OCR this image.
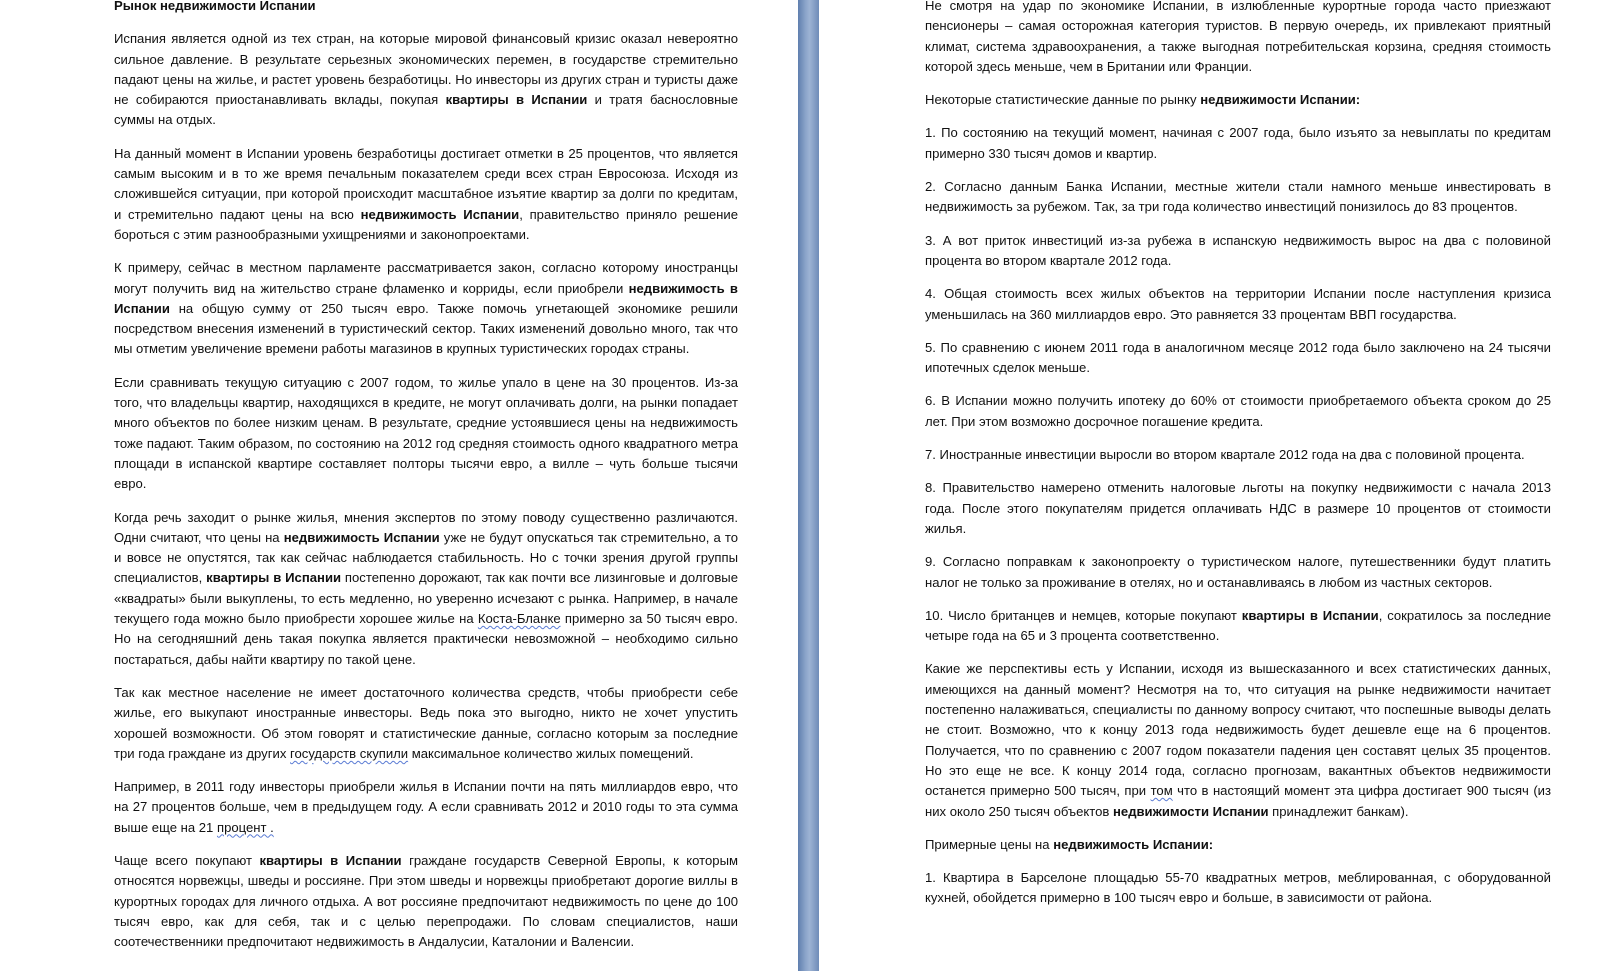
Рынок недвижимости Испании

Испания является одной из тех стран, на которые мировой финансовый кризис оказал невероятно сильное давление. В результате серьезных экономических перемен, в государстве стремительно падают цены на жилье, и растет уровень безработицы. Но инвесторы из других стран и туристы даже не собираются приостанавливать вклады, покупая квартиры в Испании и тратя баснословные суммы на отдых.

На данный момент в Испании уровень безработицы достигает отметки в 25 процентов, что является самым высоким и в то же время печальным показателем среди всех стран Евросоюза. Исходя из сложившейся ситуации, при которой происходит масштабное изъятие квартир за долги по кредитам, и стремительно падают цены на всю недвижимость Испании, правительство приняло решение бороться с этим разнообразными ухищрениями и законопроектами.

К примеру, сейчас в местном парламенте рассматривается закон, согласно которому иностранцы могут получить вид на жительство стране фламенко и корриды, если приобрели недвижимость в Испании на общую сумму от 250 тысяч евро. Также помочь угнетающей экономике решили посредством внесения изменений в туристический сектор. Таких изменений довольно много, так что мы отметим увеличение времени работы магазинов в крупных туристических городах страны.

Если сравнивать текущую ситуацию с 2007 годом, то жилье упало в цене на 30 процентов. Из-за того, что владельцы квартир, находящихся в кредите, не могут оплачивать долги, на рынки попадает много объектов по более низким ценам. В результате, средние устоявшиеся цены на недвижимость тоже падают. Таким образом, по состоянию на 2012 год средняя стоимость одного квадратного метра площади в испанской квартире составляет полторы тысячи евро, а вилле – чуть больше тысячи евро.

Когда речь заходит о рынке жилья, мнения экспертов по этому поводу существенно различаются. Одни считают, что цены на недвижимость Испании уже не будут опускаться так стремительно, а то и вовсе не опустятся, так как сейчас наблюдается стабильность. Но с точки зрения другой группы специалистов, квартиры в Испании постепенно дорожают, так как почти все лизинговые и долговые «квадраты» были выкуплены, то есть медленно, но уверенно исчезают с рынка. Например, в начале текущего года можно было приобрести хорошее жилье на Коста-Бланке примерно за 50 тысяч евро. Но на сегодняшний день такая покупка является практически невозможной – необходимо сильно постараться, дабы найти квартиру по такой цене.

Так как местное население не имеет достаточного количества средств, чтобы приобрести себе жилье, его выкупают иностранные инвесторы. Ведь пока это выгодно, никто не хочет упустить хорошей возможности. Об этом говорят и статистические данные, согласно которым за последние три года граждане из других государств скупили максимальное количество жилых помещений.

Например, в 2011 году инвесторы приобрели жилья в Испании почти на пять миллиардов евро, что на 27 процентов больше, чем в предыдущем году. А если сравнивать 2012 и 2010 годы то эта сумма выше еще на 21 процент .

Чаще всего покупают квартиры в Испании граждане государств Северной Европы, к которым относятся норвежцы, шведы и россияне. При этом шведы и норвежцы приобретают дорогие виллы в курортных городах для личного отдыха. А вот россияне предпочитают недвижимость по цене до 100 тысяч евро, как для себя, так и с целью перепродажи. По словам специалистов, наши соотечественники предпочитают недвижимость в Андалусии, Каталонии и Валенсии.

Не смотря на удар по экономике Испании, в излюбленные курортные города часто приезжают пенсионеры – самая осторожная категория туристов. В первую очередь, их привлекают приятный климат, система здравоохранения, а также выгодная потребительская корзина, средняя стоимость которой здесь меньше, чем в Британии или Франции.

Некоторые статистические данные по рынку недвижимости Испании:

1. По состоянию на текущий момент, начиная с 2007 года, было изъято за невыплаты по кредитам примерно 330 тысяч домов и квартир.

2. Согласно данным Банка Испании, местные жители стали намного меньше инвестировать в недвижимость за рубежом. Так, за три года количество инвестиций понизилось до 83 процентов.

3. А вот приток инвестиций из-за рубежа в испанскую недвижимость вырос на два с половиной процента во втором квартале 2012 года.

4. Общая стоимость всех жилых объектов на территории Испании после наступления кризиса уменьшилась на 360 миллиардов евро. Это равняется 33 процентам ВВП государства.

5. По сравнению с июнем 2011 года в аналогичном месяце 2012 года было заключено на 24 тысячи ипотечных сделок меньше.

6. В Испании можно получить ипотеку до 60% от стоимости приобретаемого объекта сроком до 25 лет. При этом возможно досрочное погашение кредита.

7. Иностранные инвестиции выросли во втором квартале 2012 года на два с половиной процента.

8. Правительство намерено отменить налоговые льготы на покупку недвижимости с начала 2013 года. После этого покупателям придется оплачивать НДС в размере 10 процентов от стоимости жилья.

9. Согласно поправкам к законопроекту о туристическом налоге, путешественники будут платить налог не только за проживание в отелях, но и останавливаясь в любом из частных секторов.

10. Число британцев и немцев, которые покупают квартиры в Испании, сократилось за последние четыре года на 65 и 3 процента соответственно.

Какие же перспективы есть у Испании, исходя из вышесказанного и всех статистических данных, имеющихся на данный момент? Несмотря на то, что ситуация на рынке недвижимости начитает постепенно налаживаться, специалисты по данному вопросу считают, что поспешные выводы делать не стоит. Возможно, что к концу 2013 года недвижимость будет дешевле еще на 6 процентов. Получается, что по сравнению с 2007 годом показатели падения цен составят целых 35 процентов. Но это еще не все. К концу 2014 года, согласно прогнозам, вакантных объектов недвижимости останется примерно 500 тысяч, при том что в настоящий момент эта цифра достигает 900 тысяч (из них около 250 тысяч объектов недвижимости Испании принадлежит банкам).

Примерные цены на недвижимость Испании:

1. Квартира в Барселоне площадью 55-70 квадратных метров, меблированная, с оборудованной кухней, обойдется примерно в 100 тысяч евро и больше, в зависимости от района.
